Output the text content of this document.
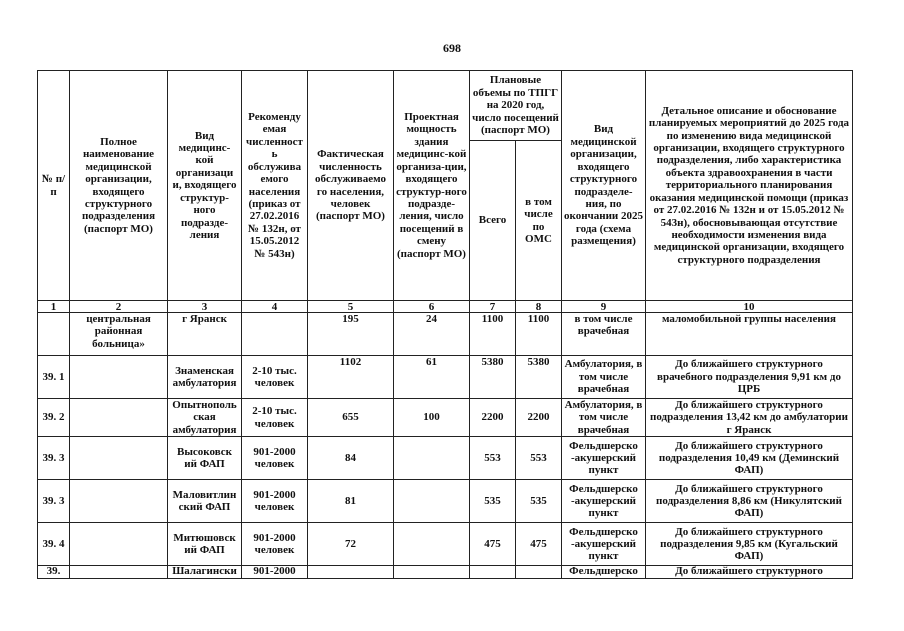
698
№ п/п	Полное наименование медицинской организации, входящего структурного подразделения (паспорт МО)	Вид медицинс-кой организаци и, входящего структур-ного подразде-ления	Рекоменду емая численност ь обслужива емого населения (приказ от 27.02.2016 № 132н, от 15.05.2012 № 543н)	Фактическая численность обслуживаемо го населения, человек (паспорт МО)	Проектная мощность здания медицинс-кой организа-ции, входящего структур-ного подразде-ления, число посещений в смену (паспорт МО)	Плановые объемы по ТПГГ на 2020 год, число посещений (паспорт МО)		Вид медицинской организации, входящего структурного подразделе-ния, по окончании 2025 года (схема размещения)	Детальное описание и обоснование планируемых мероприятий до 2025 года по изменению вида медицинской организации, входящего структурного подразделения, либо характеристика объекта здравоохранения в части территориального планирования оказания медицинской помощи (приказ от 27.02.2016 № 132н и от 15.05.2012 № 543н), обосновывающая отсутствие необходимости изменения вида медицинской организации, входящего структурного подразделения
						Всего	в том числе по ОМС		
1	2	3	4	5	6	7	8	9	10
	центральная районная больница»	г Яранск		195	24	1100	1100	в том числе врачебная	маломобильной группы населения
39. 1		Знаменская амбулатория	2-10 тыс. человек	1102	61	5380	5380	Амбулатория, в том числе врачебная	До ближайшего структурного врачебного подразделения 9,91 км до ЦРБ
39. 2		Опытнополь ская амбулатория	2-10 тыс. человек	655	100	2200	2200	Амбулатория, в том числе врачебная	До ближайшего структурного подразделения 13,42 км до амбулатории г Яранск
39. 3		Высоковск ий ФАП	901-2000 человек	84		553	553	Фельдшерско -акушерский пункт	До ближайшего структурного подразделения 10,49 км (Деминский ФАП)
39. 3		Маловитлин ский ФАП	901-2000 человек	81		535	535	Фельдшерско -акушерский пункт	До ближайшего структурного подразделения 8,86 км (Никулятский ФАП)
39. 4		Митюшовск ий ФАП	901-2000 человек	72		475	475	Фельдшерско -акушерский пункт	До ближайшего структурного подразделения 9,85 км (Кугальский ФАП)
39.		Шалагински	901-2000					Фельдшерско	До ближайшего структурного
